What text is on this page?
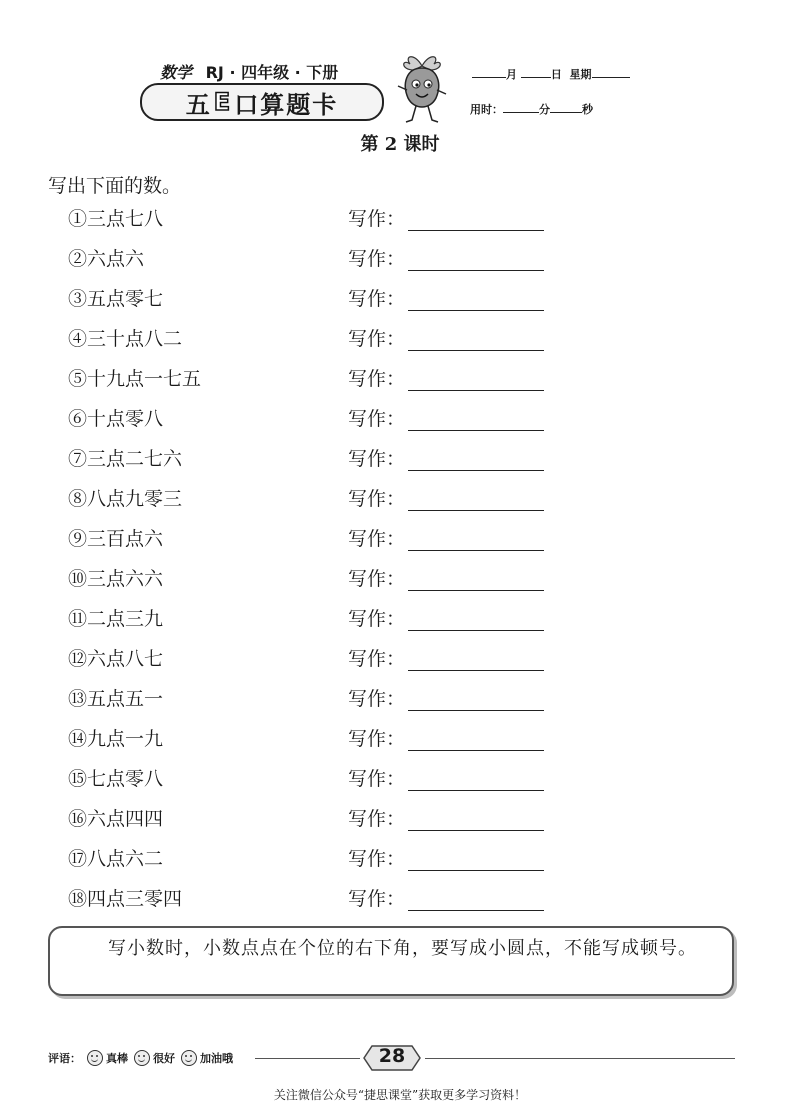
数学 RJ · 四年级 · 下册
五 E 口算题卡
月	日 星期
用时：	分	秒
第 2 课时
写出下面的数。
①三点七八	写作：
②六点六	写作：
③五点零七	写作：
④三十点八二	写作：
⑤十九点一七五	写作：
⑥十点零八	写作：
⑦三点二七六	写作：
⑧八点九零三	写作：
⑨三百点六	写作：
⑩三点六六	写作：
⑪二点三九	写作：
⑫六点八七	写作：
⑬五点五一	写作：
⑭九点一九	写作：
⑮七点零八	写作：
⑯六点四四	写作：
⑰八点六二	写作：
⑱四点三零四	写作：
写小数时，小数点点在个位的右下角，要写成小圆点，不能写成顿号。
评语： 真棒 很好 加油哦	28
关注微信公众号“捷思课堂”获取更多学习资料！
